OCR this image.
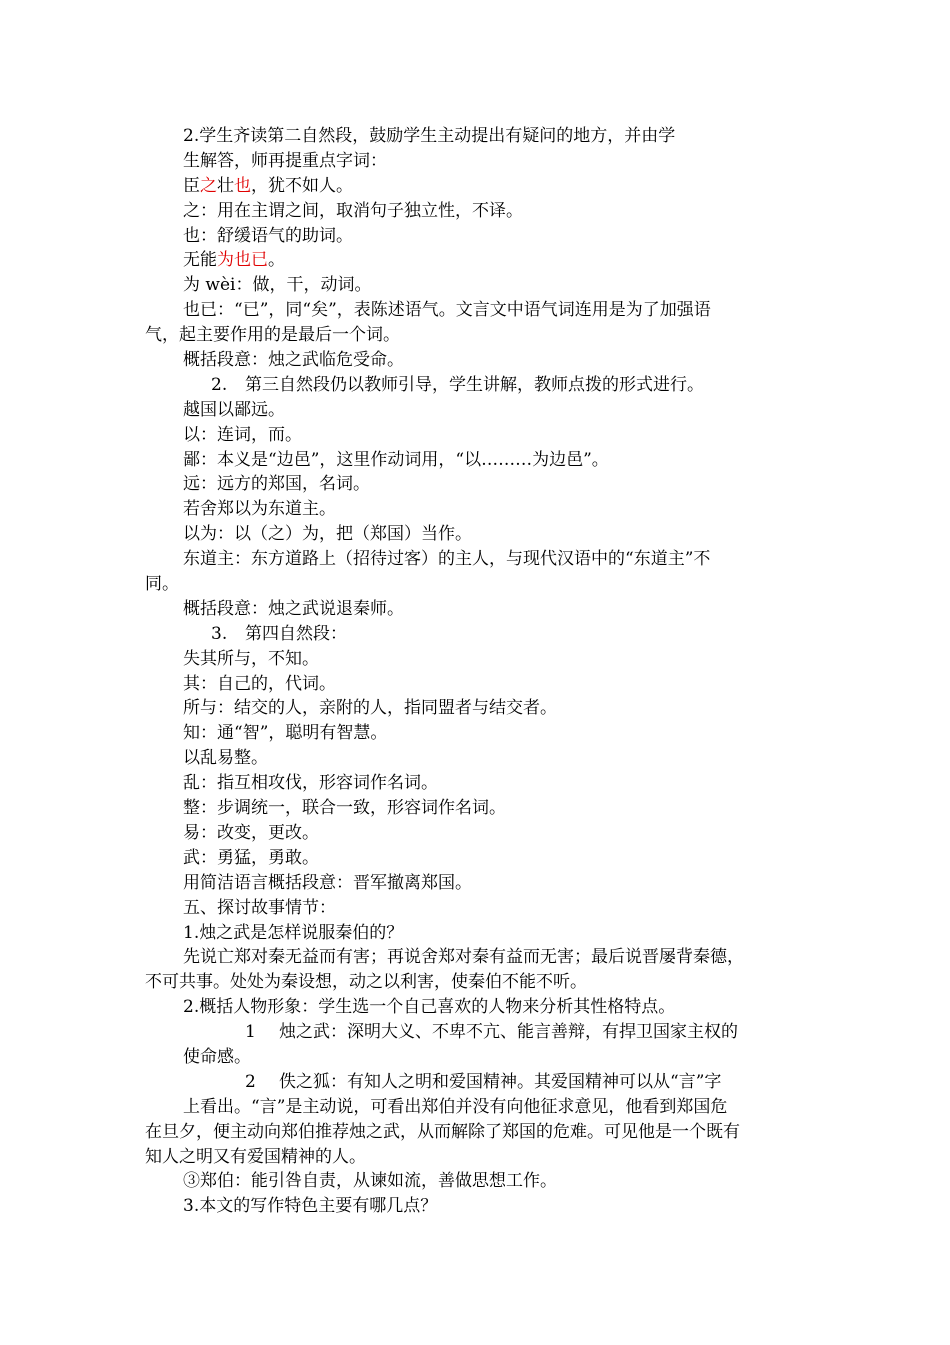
2.学生齐读第二自然段，鼓励学生主动提出有疑问的地方，并由学
生解答，师再提重点字词：
臣之壮也，犹不如人。
之：用在主谓之间，取消句子独立性，不译。
也：舒缓语气的助词。
无能为也已。
为 wèi：做，干，动词。
也已：“已”，同“矣”，表陈述语气。文言文中语气词连用是为了加强语
气，起主要作用的是最后一个词。
概括段意：烛之武临危受命。
2. 第三自然段仍以教师引导，学生讲解，教师点拨的形式进行。
越国以鄙远。
以：连词，而。
鄙：本义是“边邑”，这里作动词用，“以………为边邑”。
远：远方的郑国，名词。
若舍郑以为东道主。
以为：以（之）为，把（郑国）当作。
东道主：东方道路上（招待过客）的主人，与现代汉语中的“东道主”不
同。
概括段意：烛之武说退秦师。
3. 第四自然段：
失其所与，不知。
其：自己的，代词。
所与：结交的人，亲附的人，指同盟者与结交者。
知：通“智”，聪明有智慧。
以乱易整。
乱：指互相攻伐，形容词作名词。
整：步调统一，联合一致，形容词作名词。
易：改变，更改。
武：勇猛，勇敢。
用简洁语言概括段意：晋军撤离郑国。
五、探讨故事情节：
1.烛之武是怎样说服秦伯的？
先说亡郑对秦无益而有害；再说舍郑对秦有益而无害；最后说晋屡背秦德，
不可共事。处处为秦设想，动之以利害，使秦伯不能不听。
2.概括人物形象：学生选一个自己喜欢的人物来分析其性格特点。
1 烛之武：深明大义、不卑不亢、能言善辩，有捍卫国家主权的
使命感。
2 佚之狐：有知人之明和爱国精神。其爱国精神可以从“言”字
上看出。“言”是主动说，可看出郑伯并没有向他征求意见，他看到郑国危
在旦夕，便主动向郑伯推荐烛之武，从而解除了郑国的危难。可见他是一个既有
知人之明又有爱国精神的人。
③郑伯：能引咎自责，从谏如流，善做思想工作。
3.本文的写作特色主要有哪几点？
